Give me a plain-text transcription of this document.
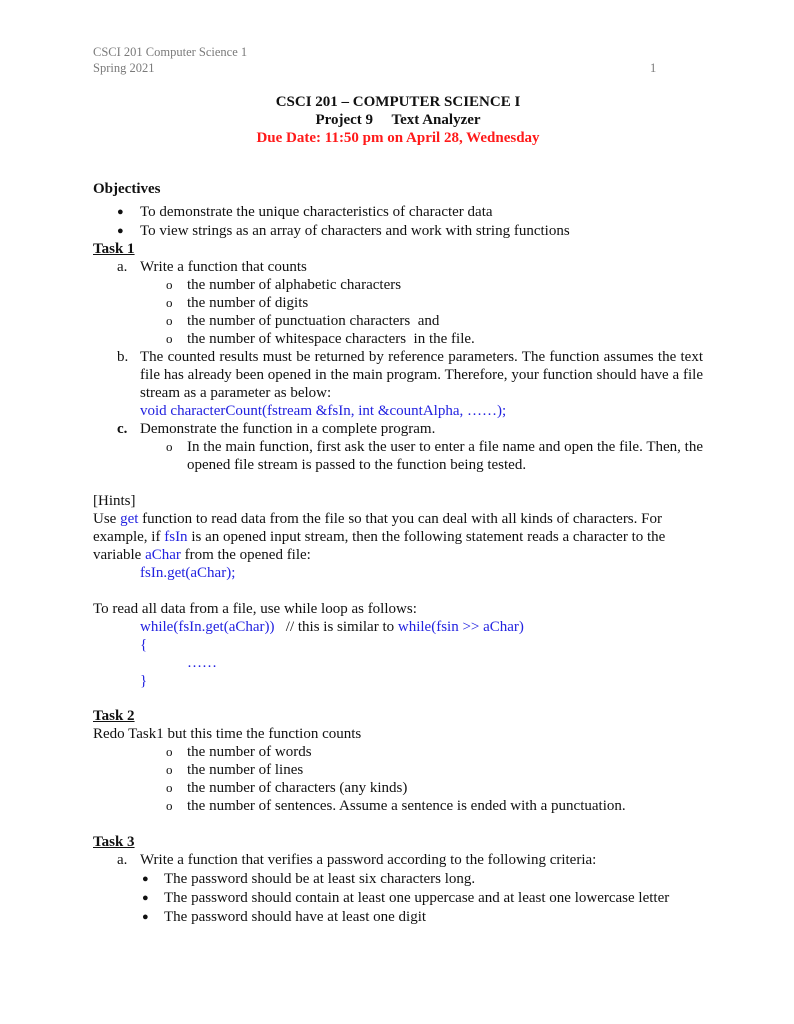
CSCI 201 Computer Science 1
Spring 2021	1
CSCI 201 – COMPUTER SCIENCE I
Project 9     Text Analyzer
Due Date: 11:50 pm on April 28, Wednesday
Objectives
● To demonstrate the unique characteristics of character data
● To view strings as an array of characters and work with string functions
Task 1
a. Write a function that counts
o the number of alphabetic characters
o the number of digits
o the number of punctuation characters  and
o the number of whitespace characters  in the file.
b. The counted results must be returned by reference parameters. The function assumes the text file has already been opened in the main program. Therefore, your function should have a file stream as a parameter as below:
void characterCount(fstream &fsIn, int &countAlpha, ……);
c. Demonstrate the function in a complete program.
o In the main function, first ask the user to enter a file name and open the file. Then, the opened file stream is passed to the function being tested.
[Hints]
Use get function to read data from the file so that you can deal with all kinds of characters. For example, if fsIn is an opened input stream, then the following statement reads a character to the variable aChar from the opened file:
fsIn.get(aChar);
To read all data from a file, use while loop as follows:
while(fsIn.get(aChar))   // this is similar to while(fsin >> aChar)
{
……
}
Task 2
Redo Task1 but this time the function counts
o the number of words
o the number of lines
o the number of characters (any kinds)
o the number of sentences. Assume a sentence is ended with a punctuation.
Task 3
a. Write a function that verifies a password according to the following criteria:
● The password should be at least six characters long.
● The password should contain at least one uppercase and at least one lowercase letter
● The password should have at least one digit
